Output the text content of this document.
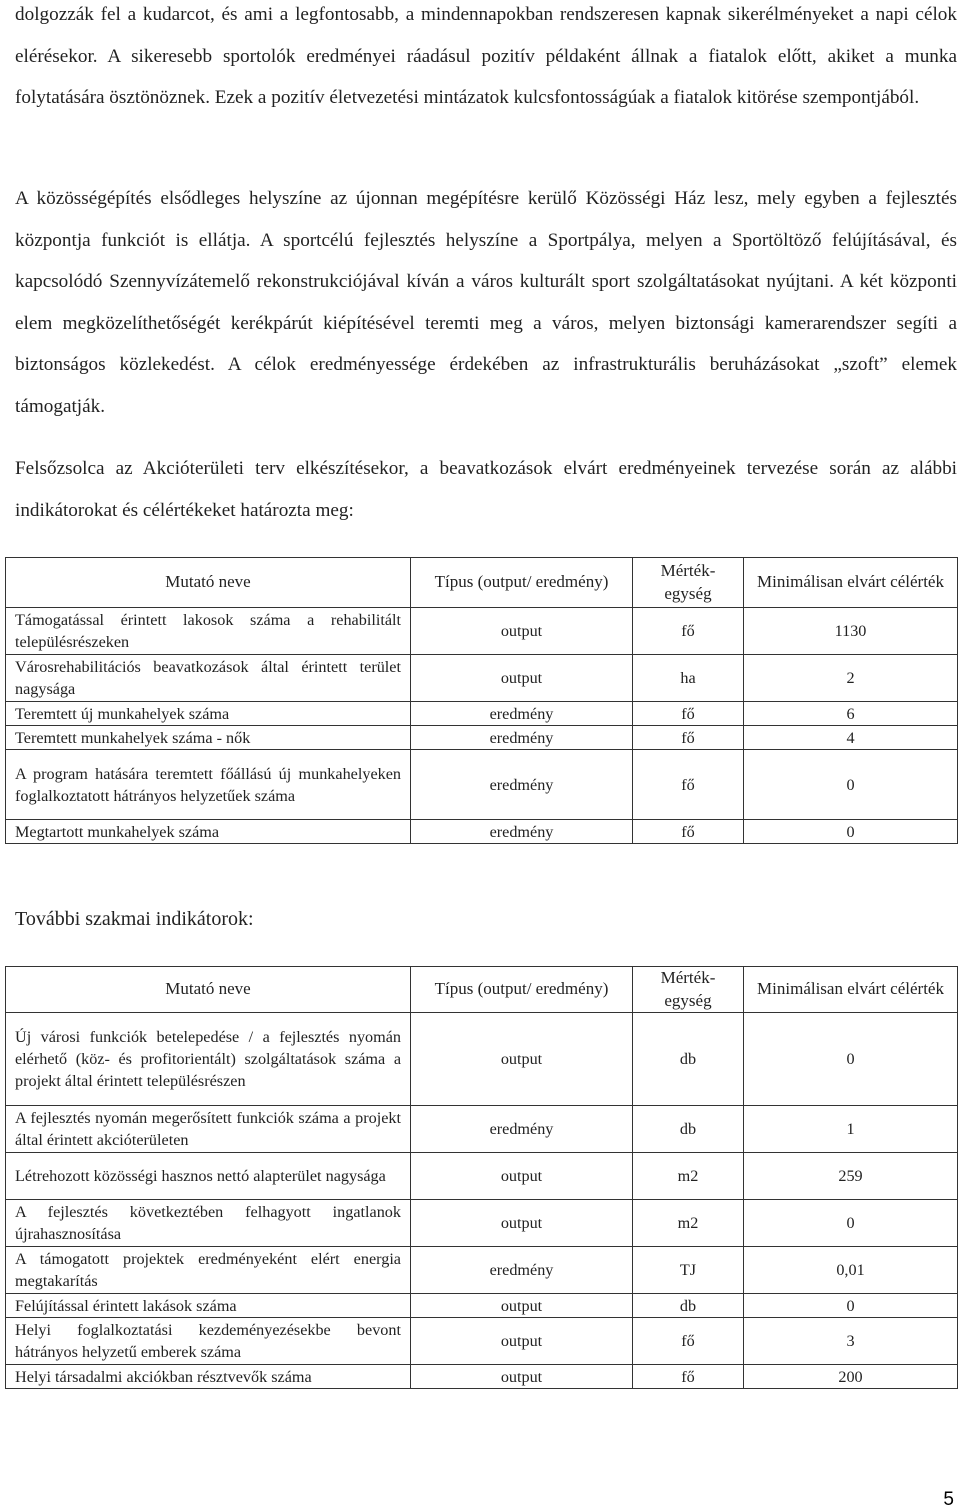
dolgozzák fel a kudarcot, és ami a legfontosabb, a mindennapokban rendszeresen kapnak sikerélményeket a napi célok elérésekor. A sikeresebb sportolók eredményei ráadásul pozitív példaként állnak a fiatalok előtt, akiket a munka folytatására ösztönöznek. Ezek a pozitív életvezetési mintázatok kulcsfontosságúak a fiatalok kitörése szempontjából.

A közösségépítés elsődleges helyszíne az újonnan megépítésre kerülő Közösségi Ház lesz, mely egyben a fejlesztés központja funkciót is ellátja. A sportcélú fejlesztés helyszíne a Sportpálya, melyen a Sportöltöző felújításával, és kapcsolódó Szennyvízátemelő rekonstrukciójával kíván a város kulturált sport szolgáltatásokat nyújtani. A két központi elem megközelíthetőségét kerékpárút kiépítésével teremti meg a város, melyen biztonsági kamerarendszer segíti a biztonságos közlekedést. A célok eredményessége érdekében az infrastrukturális beruházásokat „szoft” elemek támogatják.

Felsőzsolca az Akcióterületi terv elkészítésekor, a beavatkozások elvárt eredményeinek tervezése során az alábbi indikátorokat és célértékeket határozta meg:

Mutató neve	Típus (output/ eredmény)	Mérték-egység	Minimálisan elvárt célérték
Támogatással érintett lakosok száma a rehabilitált településrészeken	output	fő	1130
Városrehabilitációs beavatkozások által érintett terület nagysága	output	ha	2
Teremtett új munkahelyek száma	eredmény	fő	6
Teremtett munkahelyek száma - nők	eredmény	fő	4
A program hatására teremtett főállású új munkahelyeken foglalkoztatott hátrányos helyzetűek száma	eredmény	fő	0
Megtartott munkahelyek száma	eredmény	fő	0
További szakmai indikátorok:
Mutató neve	Típus (output/ eredmény)	Mérték-egység	Minimálisan elvárt célérték
Új városi funkciók betelepedése / a fejlesztés nyomán elérhető (köz- és profitorientált) szolgáltatások száma a projekt által érintett településrészen	output	db	0
A fejlesztés nyomán megerősített funkciók száma a projekt által érintett akcióterületen	eredmény	db	1
Létrehozott közösségi hasznos nettó alapterület nagysága	output	m2	259
A fejlesztés következtében felhagyott ingatlanok újrahasznosítása	output	m2	0
A támogatott projektek eredményeként elért energia megtakarítás	eredmény	TJ	0,01
Felújítással érintett lakások száma	output	db	0
Helyi foglalkoztatási kezdeményezésekbe bevont hátrányos helyzetű emberek száma	output	fő	3
Helyi társadalmi akciókban résztvevők száma	output	fő	200
5
